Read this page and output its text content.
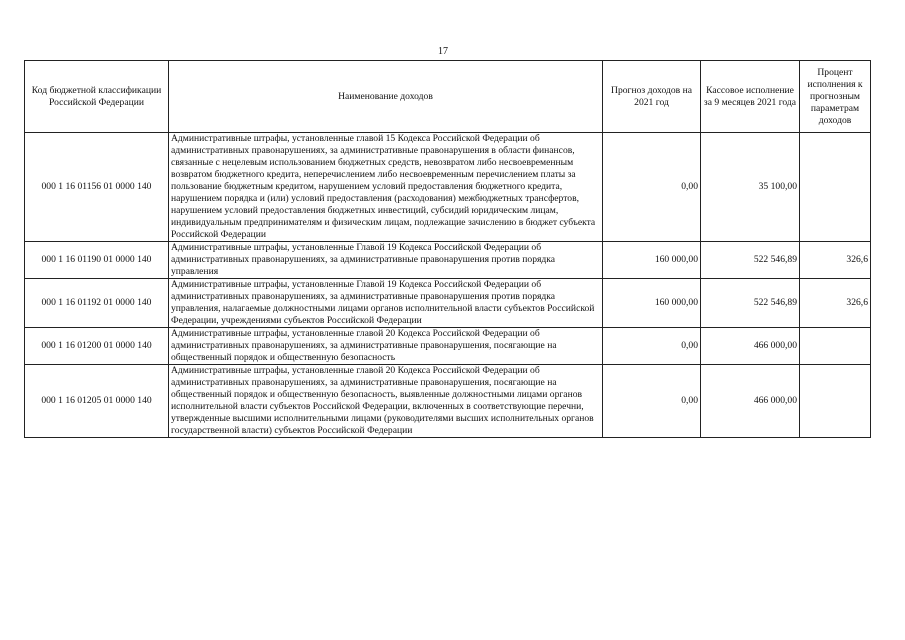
17
Код бюджетной классификации Российской Федерации	Наименование доходов	Прогноз доходов на 2021 год	Кассовое исполнение за 9 месяцев 2021 года	Процент исполнения к прогнозным параметрам доходов
000 1 16 01156 01 0000 140	Административные штрафы, установленные главой 15 Кодекса Российской Федерации об административных правонарушениях, за административные правонарушения в области финансов, связанные с нецелевым использованием бюджетных средств, невозвратом либо несвоевременным возвратом бюджетного кредита, неперечислением либо несвоевременным перечислением платы за пользование бюджетным кредитом, нарушением условий предоставления бюджетного кредита, нарушением порядка и (или) условий предоставления (расходования) межбюджетных трансфертов, нарушением условий предоставления бюджетных инвестиций, субсидий юридическим лицам, индивидуальным предпринимателям и физическим лицам, подлежащие зачислению в бюджет субъекта Российской Федерации	0,00	35 100,00	
000 1 16 01190 01 0000 140	Административные штрафы, установленные Главой 19 Кодекса Российской Федерации об административных правонарушениях, за административные правонарушения против порядка управления	160 000,00	522 546,89	326,6
000 1 16 01192 01 0000 140	Административные штрафы, установленные Главой 19 Кодекса Российской Федерации об административных правонарушениях, за административные правонарушения против порядка управления, налагаемые должностными лицами органов исполнительной власти субъектов Российской Федерации, учреждениями субъектов Российской Федерации	160 000,00	522 546,89	326,6
000 1 16 01200 01 0000 140	Административные штрафы, установленные главой 20 Кодекса Российской Федерации об административных правонарушениях, за административные правонарушения, посягающие на общественный порядок и общественную безопасность	0,00	466 000,00	
000 1 16 01205 01 0000 140	Административные штрафы, установленные главой 20 Кодекса Российской Федерации об административных правонарушениях, за административные правонарушения, посягающие на общественный порядок и общественную безопасность, выявленные должностными лицами органов исполнительной власти субъектов Российской Федерации, включенных в соответствующие перечни, утвержденные высшими исполнительными лицами (руководителями высших исполнительных органов государственной власти) субъектов Российской Федерации	0,00	466 000,00	
